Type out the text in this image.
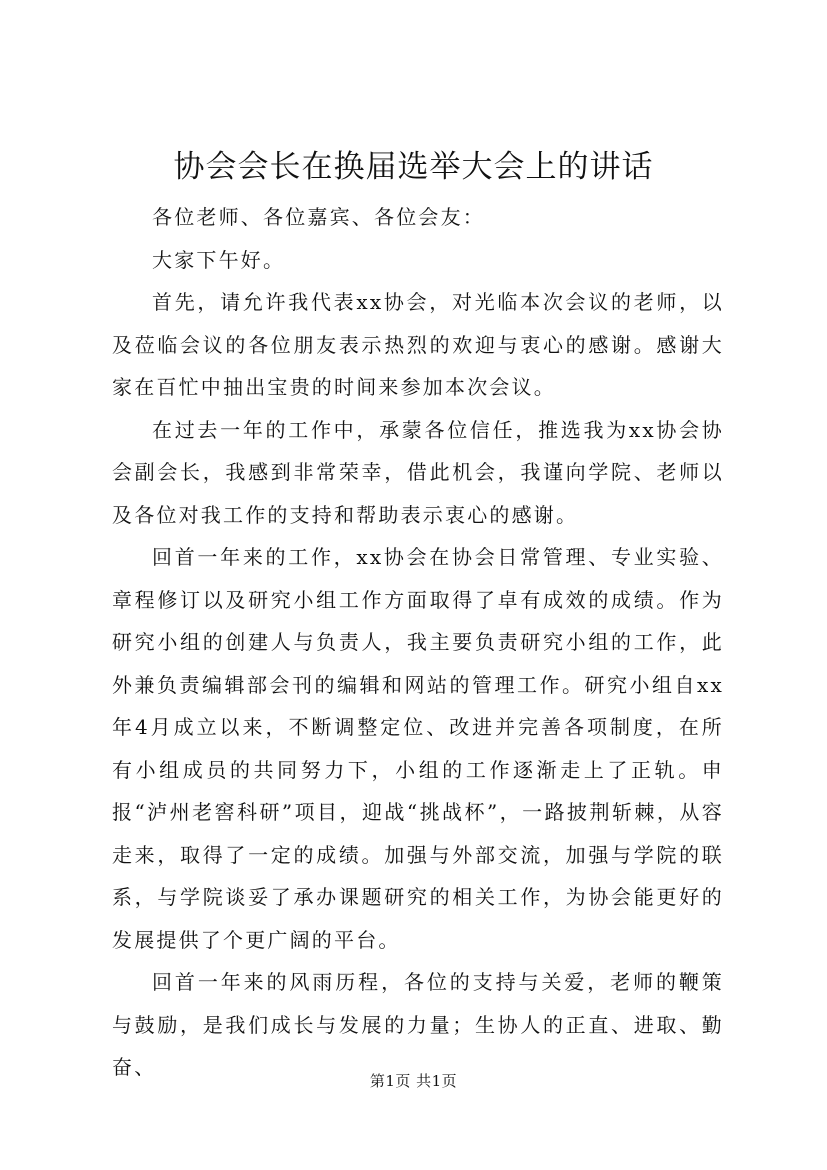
协会会长在换届选举大会上的讲话

各位老师、各位嘉宾、各位会友：

大家下午好。

首先，请允许我代表xx协会，对光临本次会议的老师，以及莅临会议的各位朋友表示热烈的欢迎与衷心的感谢。感谢大家在百忙中抽出宝贵的时间来参加本次会议。

在过去一年的工作中，承蒙各位信任，推选我为xx协会协会副会长，我感到非常荣幸，借此机会，我谨向学院、老师以及各位对我工作的支持和帮助表示衷心的感谢。

回首一年来的工作，xx协会在协会日常管理、专业实验、章程修订以及研究小组工作方面取得了卓有成效的成绩。作为研究小组的创建人与负责人，我主要负责研究小组的工作，此外兼负责编辑部会刊的编辑和网站的管理工作。研究小组自xx年4月成立以来，不断调整定位、改进并完善各项制度，在所有小组成员的共同努力下，小组的工作逐渐走上了正轨。申报“泸州老窖科研”项目，迎战“挑战杯”，一路披荆斩棘，从容走来，取得了一定的成绩。加强与外部交流，加强与学院的联系，与学院谈妥了承办课题研究的相关工作，为协会能更好的发展提供了个更广阔的平台。

回首一年来的风雨历程，各位的支持与关爱，老师的鞭策与鼓励，是我们成长与发展的力量；生协人的正直、进取、勤奋、

第1页 共1页
